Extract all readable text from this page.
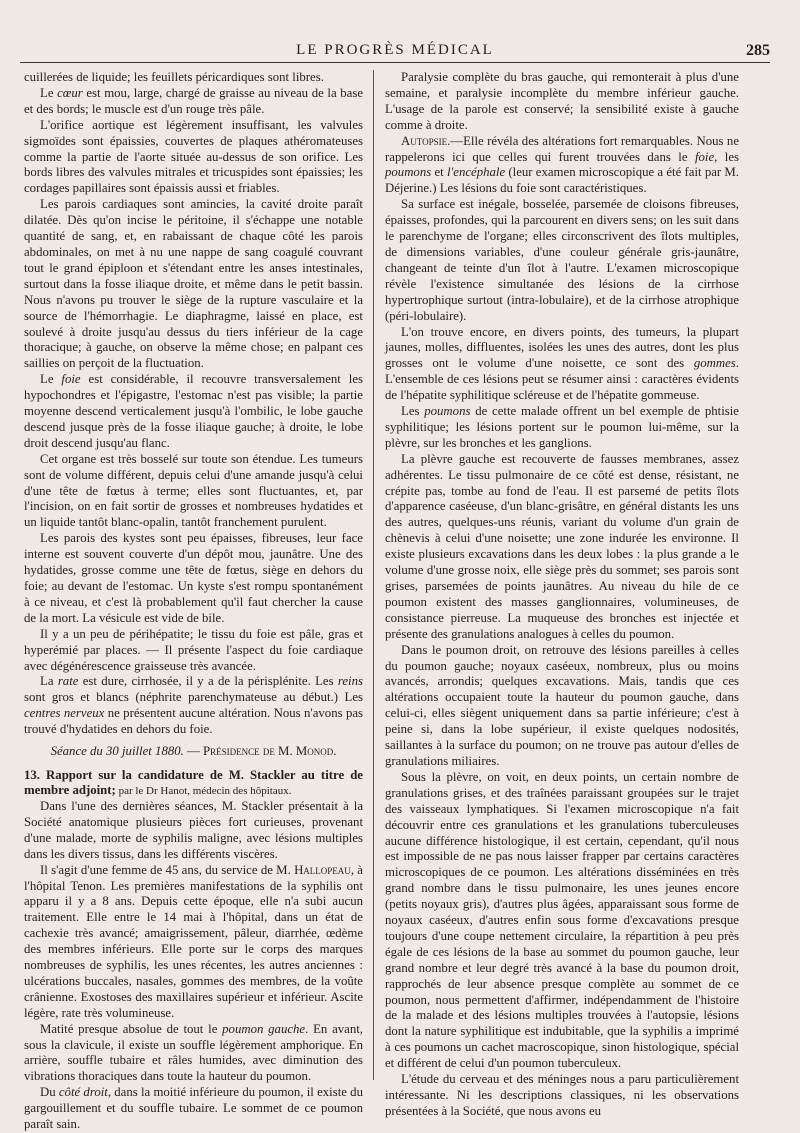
LE PROGRÈS MÉDICAL	285

cuillerées de liquide; les feuillets péricardiques sont libres.

Le cœur est mou, large, chargé de graisse au niveau de la base et des bords; le muscle est d'un rouge très pâle.

L'orifice aortique est légèrement insuffisant, les valvules sigmoïdes sont épaissies, couvertes de plaques athéromateuses comme la partie de l'aorte située au-dessus de son orifice. Les bords libres des valvules mitrales et tricuspides sont épaissies; les cordages papillaires sont épaissis aussi et friables.

Les parois cardiaques sont amincies, la cavité droite paraît dilatée. Dès qu'on incise le péritoine, il s'échappe une notable quantité de sang, et, en rabaissant de chaque côté les parois abdominales, on met à nu une nappe de sang coagulé couvrant tout le grand épiploon et s'étendant entre les anses intestinales, surtout dans la fosse iliaque droite, et même dans le petit bassin. Nous n'avons pu trouver le siège de la rupture vasculaire et la source de l'hémorrhagie. Le diaphragme, laissé en place, est soulevé à droite jusqu'au dessus du tiers inférieur de la cage thoracique; à gauche, on observe la même chose; en palpant ces saillies on perçoit de la fluctuation.

Le foie est considérable, il recouvre transversalement les hypochondres et l'épigastre, l'estomac n'est pas visible; la partie moyenne descend verticalement jusqu'à l'ombilic, le lobe gauche descend jusque près de la fosse iliaque gauche; à droite, le lobe droit descend jusqu'au flanc.

Cet organe est très bosselé sur toute son étendue. Les tumeurs sont de volume différent, depuis celui d'une amande jusqu'à celui d'une tête de fœtus à terme; elles sont fluctuantes, et, par l'incision, on en fait sortir de grosses et nombreuses hydatides et un liquide tantôt blanc-opalin, tantôt franchement purulent.

Les parois des kystes sont peu épaisses, fibreuses, leur face interne est souvent couverte d'un dépôt mou, jaunâtre. Une des hydatides, grosse comme une tête de fœtus, siège en dehors du foie; au devant de l'estomac. Un kyste s'est rompu spontanément à ce niveau, et c'est là probablement qu'il faut chercher la cause de la mort. La vésicule est vide de bile.

Il y a un peu de périhépatite; le tissu du foie est pâle, gras et hyperémié par places. — Il présente l'aspect du foie cardiaque avec dégénérescence graisseuse très avancée.

La rate est dure, cirrhosée, il y a de la périsplénite. Les reins sont gros et blancs (néphrite parenchymateuse au début.) Les centres nerveux ne présentent aucune altération. Nous n'avons pas trouvé d'hydatides en dehors du foie.

Séance du 30 juillet 1880. — Présidence de M. Monod.

13. Rapport sur la candidature de M. Stackler au titre de membre adjoint; par le Dr Hanot, médecin des hôpitaux.

Dans l'une des dernières séances, M. Stackler présentait à la Société anatomique plusieurs pièces fort curieuses, provenant d'une malade, morte de syphilis maligne, avec lésions multiples dans les divers tissus, dans les différents viscères.

Il s'agit d'une femme de 45 ans, du service de M. Hallopeau, à l'hôpital Tenon. Les premières manifestations de la syphilis ont apparu il y a 8 ans. Depuis cette époque, elle n'a subi aucun traitement. Elle entre le 14 mai à l'hôpital, dans un état de cachexie très avancé; amaigrissement, pâleur, diarrhée, œdème des membres inférieurs. Elle porte sur le corps des marques nombreuses de syphilis, les unes récentes, les autres anciennes : ulcérations buccales, nasales, gommes des membres, de la voûte crânienne. Exostoses des maxillaires supérieur et inférieur. Ascite légère, rate très volumineuse.

Matité presque absolue de tout le poumon gauche. En avant, sous la clavicule, il existe un souffle légèrement amphorique. En arrière, souffle tubaire et râles humides, avec diminution des vibrations thoraciques dans toute la hauteur du poumon.

Du côté droit, dans la moitié inférieure du poumon, il existe du gargouillement et du souffle tubaire. Le sommet de ce poumon paraît sain.

Paralysie complète du bras gauche, qui remonterait à plus d'une semaine, et paralysie incomplète du membre inférieur gauche. L'usage de la parole est conservé; la sensibilité existe à gauche comme à droite.

Autopsie.—Elle révéla des altérations fort remarquables. Nous ne rappelerons ici que celles qui furent trouvées dans le foie, les poumons et l'encéphale (leur examen microscopique a été fait par M. Déjerine.) Les lésions du foie sont caractéristiques.

Sa surface est inégale, bosselée, parsemée de cloisons fibreuses, épaisses, profondes, qui la parcourent en divers sens; on les suit dans le parenchyme de l'organe; elles circonscrivent des îlots multiples, de dimensions variables, d'une couleur générale gris-jaunâtre, changeant de teinte d'un îlot à l'autre. L'examen microscopique révèle l'existence simultanée des lésions de la cirrhose hypertrophique surtout (intra-lobulaire), et de la cirrhose atrophique (péri-lobulaire).

L'on trouve encore, en divers points, des tumeurs, la plupart jaunes, molles, diffluentes, isolées les unes des autres, dont les plus grosses ont le volume d'une noisette, ce sont des gommes. L'ensemble de ces lésions peut se résumer ainsi : caractères évidents de l'hépatite syphilitique scléreuse et de l'hépatite gommeuse.

Les poumons de cette malade offrent un bel exemple de phtisie syphilitique; les lésions portent sur le poumon lui-même, sur la plèvre, sur les bronches et les ganglions.

La plèvre gauche est recouverte de fausses membranes, assez adhérentes. Le tissu pulmonaire de ce côté est dense, résistant, ne crépite pas, tombe au fond de l'eau. Il est parsemé de petits îlots d'apparence caséeuse, d'un blanc-grisâtre, en général distants les uns des autres, quelques-uns réunis, variant du volume d'un grain de chènevis à celui d'une noisette; une zone indurée les environne. Il existe plusieurs excavations dans les deux lobes : la plus grande a le volume d'une grosse noix, elle siège près du sommet; ses parois sont grises, parsemées de points jaunâtres. Au niveau du hile de ce poumon existent des masses ganglionnaires, volumineuses, de consistance pierreuse. La muqueuse des bronches est injectée et présente des granulations analogues à celles du poumon.

Dans le poumon droit, on retrouve des lésions pareilles à celles du poumon gauche; noyaux caséeux, nombreux, plus ou moins avancés, arrondis; quelques excavations. Mais, tandis que ces altérations occupaient toute la hauteur du poumon gauche, dans celui-ci, elles siègent uniquement dans sa partie inférieure; c'est à peine si, dans la lobe supérieur, il existe quelques nodosités, saillantes à la surface du poumon; on ne trouve pas autour d'elles de granulations miliaires.

Sous la plèvre, on voit, en deux points, un certain nombre de granulations grises, et des traînées paraissant groupées sur le trajet des vaisseaux lymphatiques. Si l'examen microscopique n'a fait découvrir entre ces granulations et les granulations tuberculeuses aucune différence histologique, il est certain, cependant, qu'il nous est impossible de ne pas nous laisser frapper par certains caractères microscopiques de ce poumon. Les altérations disséminées en très grand nombre dans le tissu pulmonaire, les unes jeunes encore (petits noyaux gris), d'autres plus âgées, apparaissant sous forme de noyaux caséeux, d'autres enfin sous forme d'excavations presque toujours d'une coupe nettement circulaire, la répartition à peu près égale de ces lésions de la base au sommet du poumon gauche, leur grand nombre et leur degré très avancé à la base du poumon droit, rapprochés de leur absence presque complète au sommet de ce poumon, nous permettent d'affirmer, indépendamment de l'histoire de la malade et des lésions multiples trouvées à l'autopsie, lésions dont la nature syphilitique est indubitable, que la syphilis a imprimé à ces poumons un cachet macroscopique, sinon histologique, spécial et différent de celui d'un poumon tuberculeux.

L'étude du cerveau et des méninges nous a paru particulièrement intéressante. Ni les descriptions classiques, ni les observations présentées à la Société, que nous avons eu
